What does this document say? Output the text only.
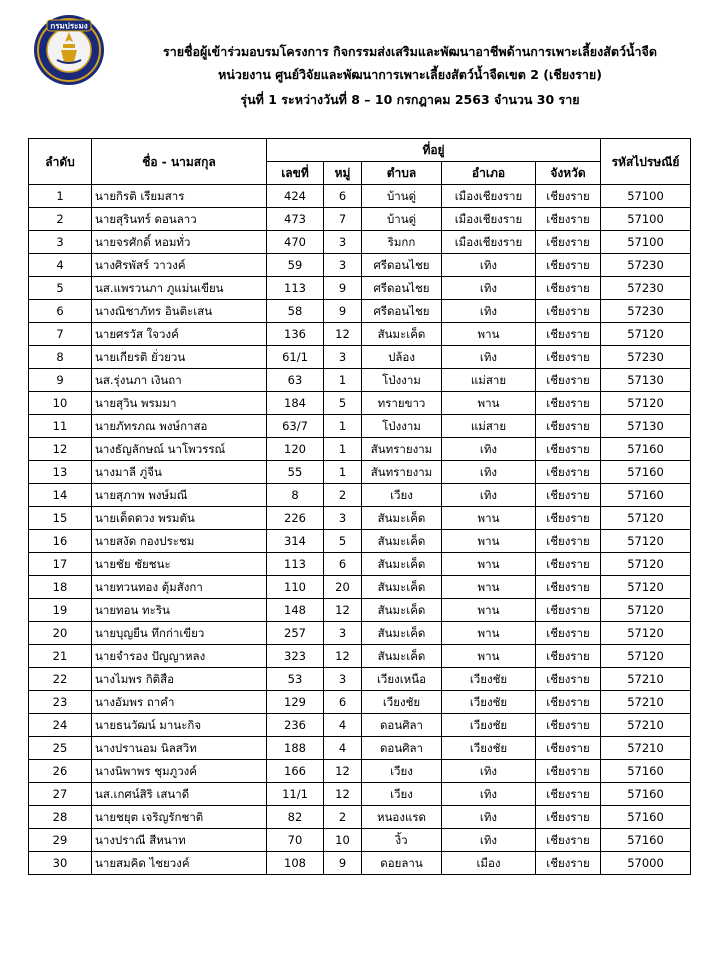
กรมประมง
รายชื่อผู้เข้าร่วมอบรมโครงการ กิจกรรมส่งเสริมและพัฒนาอาชีพด้านการเพาะเลี้ยงสัตว์น้ำจืด
หน่วยงาน ศูนย์วิจัยและพัฒนาการเพาะเลี้ยงสัตว์น้ำจืดเขต 2 (เชียงราย)
รุ่นที่ 1 ระหว่างวันที่ 8 – 10 กรกฎาคม 2563 จำนวน 30 ราย
ลำดับ	ชื่อ - นามสกุล	ที่อยู่					รหัสไปรษณีย์
		เลขที่	หมู่	ตำบล	อำเภอ	จังหวัด	
1	นายกิรติ เรียมสาร	424	6	บ้านดู่	เมืองเชียงราย	เชียงราย	57100
2	นายสุรินทร์ ดอนลาว	473	7	บ้านดู่	เมืองเชียงราย	เชียงราย	57100
3	นายจรศักดิ์ หอมทั่ว	470	3	ริมกก	เมืองเชียงราย	เชียงราย	57100
4	นางศิรพัสร์ วาวงค์	59	3	ศรีดอนไชย	เทิง	เชียงราย	57230
5	นส.แพรวนภา ภูแม่นเขียน	113	9	ศรีดอนไชย	เทิง	เชียงราย	57230
6	นางณิชาภัทร อินติะเสน	58	9	ศรีดอนไชย	เทิง	เชียงราย	57230
7	นายศรวัส ใจวงค์	136	12	สันมะเค็ด	พาน	เชียงราย	57120
8	นายเกียรติ ยั่วยวน	61/1	3	ปล้อง	เทิง	เชียงราย	57230
9	นส.รุ่งนภา เงินถา	63	1	โป่งงาม	แม่สาย	เชียงราย	57130
10	นายสุวิน พรมมา	184	5	ทรายขาว	พาน	เชียงราย	57120
11	นายภัทรภณ พงษ์กาสอ	63/7	1	โป่งงาม	แม่สาย	เชียงราย	57130
12	นางธัญลักษณ์ นาโพวรรณ์	120	1	สันทรายงาม	เทิง	เชียงราย	57160
13	นางมาลี ภู่จีน	55	1	สันทรายงาม	เทิง	เชียงราย	57160
14	นายสุภาพ พงษ์มณี	8	2	เวียง	เทิง	เชียงราย	57160
15	นายเด็ดดวง พรมตัน	226	3	สันมะเค็ด	พาน	เชียงราย	57120
16	นายสงัด กองประชม	314	5	สันมะเค็ด	พาน	เชียงราย	57120
17	นายชัย ชัยชนะ	113	6	สันมะเค็ด	พาน	เชียงราย	57120
18	นายทวนทอง ตุ้มสังกา	110	20	สันมะเค็ด	พาน	เชียงราย	57120
19	นายทอน ทะริน	148	12	สันมะเค็ด	พาน	เชียงราย	57120
20	นายบุญยืน ทึกก่าเขียว	257	3	สันมะเค็ด	พาน	เชียงราย	57120
21	นายจำรอง ปัญญาหลง	323	12	สันมะเค็ด	พาน	เชียงราย	57120
22	นางไมพร กิติสือ	53	3	เวียงเหนือ	เวียงชัย	เชียงราย	57210
23	นางอัมพร ถาคำ	129	6	เวียงชัย	เวียงชัย	เชียงราย	57210
24	นายธนวัฒน์ มานะกิจ	236	4	ดอนศิลา	เวียงชัย	เชียงราย	57210
25	นางปรานอม นิลสวิท	188	4	ดอนศิลา	เวียงชัย	เชียงราย	57210
26	นางนิพาพร ชุมภูวงค์	166	12	เวียง	เทิง	เชียงราย	57160
27	นส.เกศน์สิริ เสนาดี	11/1	12	เวียง	เทิง	เชียงราย	57160
28	นายชยุต เจริญรักชาติ	82	2	หนองแรด	เทิง	เชียงราย	57160
29	นางปราณี สีหนาท	70	10	งิ้ว	เทิง	เชียงราย	57160
30	นายสมคิด ไชยวงค์	108	9	ดอยลาน	เมือง	เชียงราย	57000
